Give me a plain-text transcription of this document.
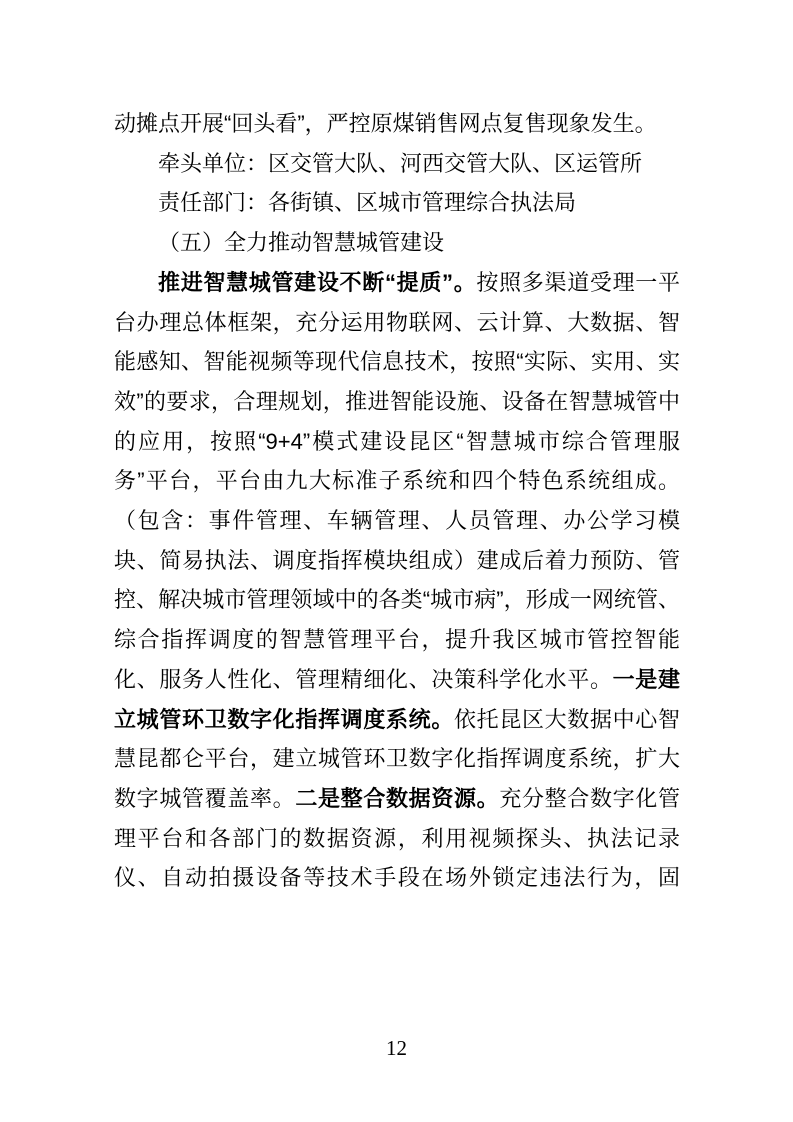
动摊点开展“回头看”，严控原煤销售网点复售现象发生。

牵头单位：区交管大队、河西交管大队、区运管所

责任部门：各街镇、区城市管理综合执法局

（五）全力推动智慧城管建设

推进智慧城管建设不断“提质”。按照多渠道受理一平台办理总体框架，充分运用物联网、云计算、大数据、智能感知、智能视频等现代信息技术，按照“实际、实用、实效”的要求，合理规划，推进智能设施、设备在智慧城管中的应用，按照“9+4”模式建设昆区“智慧城市综合管理服务”平台，平台由九大标准子系统和四个特色系统组成。（包含：事件管理、车辆管理、人员管理、办公学习模块、简易执法、调度指挥模块组成）建成后着力预防、管控、解决城市管理领域中的各类“城市病”，形成一网统管、综合指挥调度的智慧管理平台，提升我区城市管控智能化、服务人性化、管理精细化、决策科学化水平。一是建立城管环卫数字化指挥调度系统。依托昆区大数据中心智慧昆都仑平台，建立城管环卫数字化指挥调度系统，扩大数字城管覆盖率。二是整合数据资源。充分整合数字化管理平台和各部门的数据资源，利用视频探头、执法记录仪、自动拍摄设备等技术手段在场外锁定违法行为，固

12
